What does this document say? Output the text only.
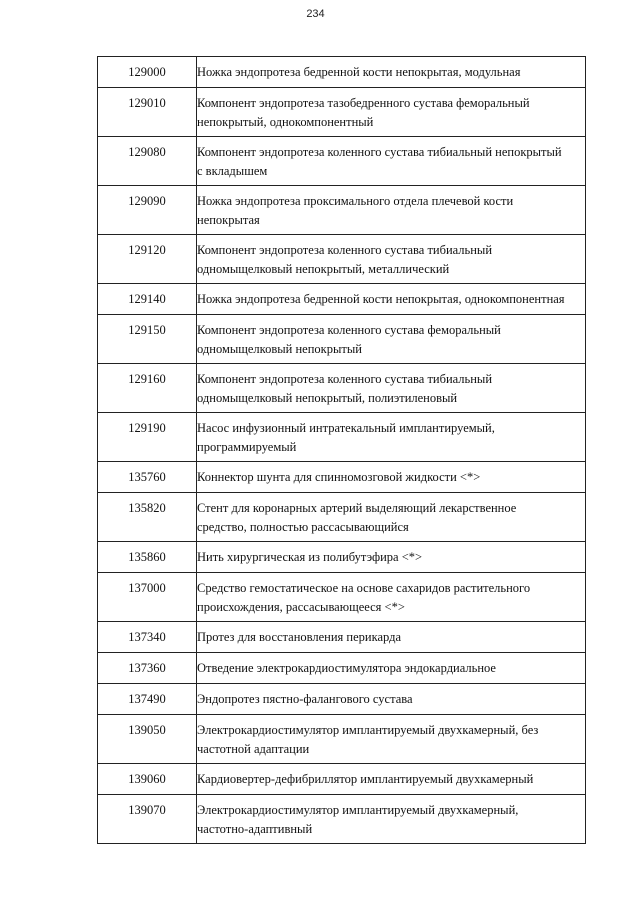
234
129000	Ножка эндопротеза бедренной кости непокрытая, модульная

129010	Компонент эндопротеза тазобедренного сустава феморальный
непокрытый, однокомпонентный

129080	Компонент эндопротеза коленного сустава тибиальный непокрытый
с вкладышем

129090	Ножка эндопротеза проксимального отдела плечевой кости
непокрытая

129120	Компонент эндопротеза коленного сустава тибиальный
одномыщелковый непокрытый, металлический

129140	Ножка эндопротеза бедренной кости непокрытая, однокомпонентная

129150	Компонент эндопротеза коленного сустава феморальный
одномыщелковый непокрытый

129160	Компонент эндопротеза коленного сустава тибиальный
одномыщелковый непокрытый, полиэтиленовый

129190	Насос инфузионный интратекальный имплантируемый,
программируемый

135760	Коннектор шунта для спинномозговой жидкости <*>

135820	Стент для коронарных артерий выделяющий лекарственное
средство, полностью рассасывающийся

135860	Нить хирургическая из полибутэфира <*>

137000	Средство гемостатическое на основе сахаридов растительного
происхождения, рассасывающееся <*>

137340	Протез для восстановления перикарда

137360	Отведение электрокардиостимулятора эндокардиальное

137490	Эндопротез пястно-фалангового сустава

139050	Электрокардиостимулятор имплантируемый двухкамерный, без
частотной адаптации

139060	Кардиовертер-дефибриллятор имплантируемый двухкамерный

139070	Электрокардиостимулятор имплантируемый двухкамерный,
частотно-адаптивный
